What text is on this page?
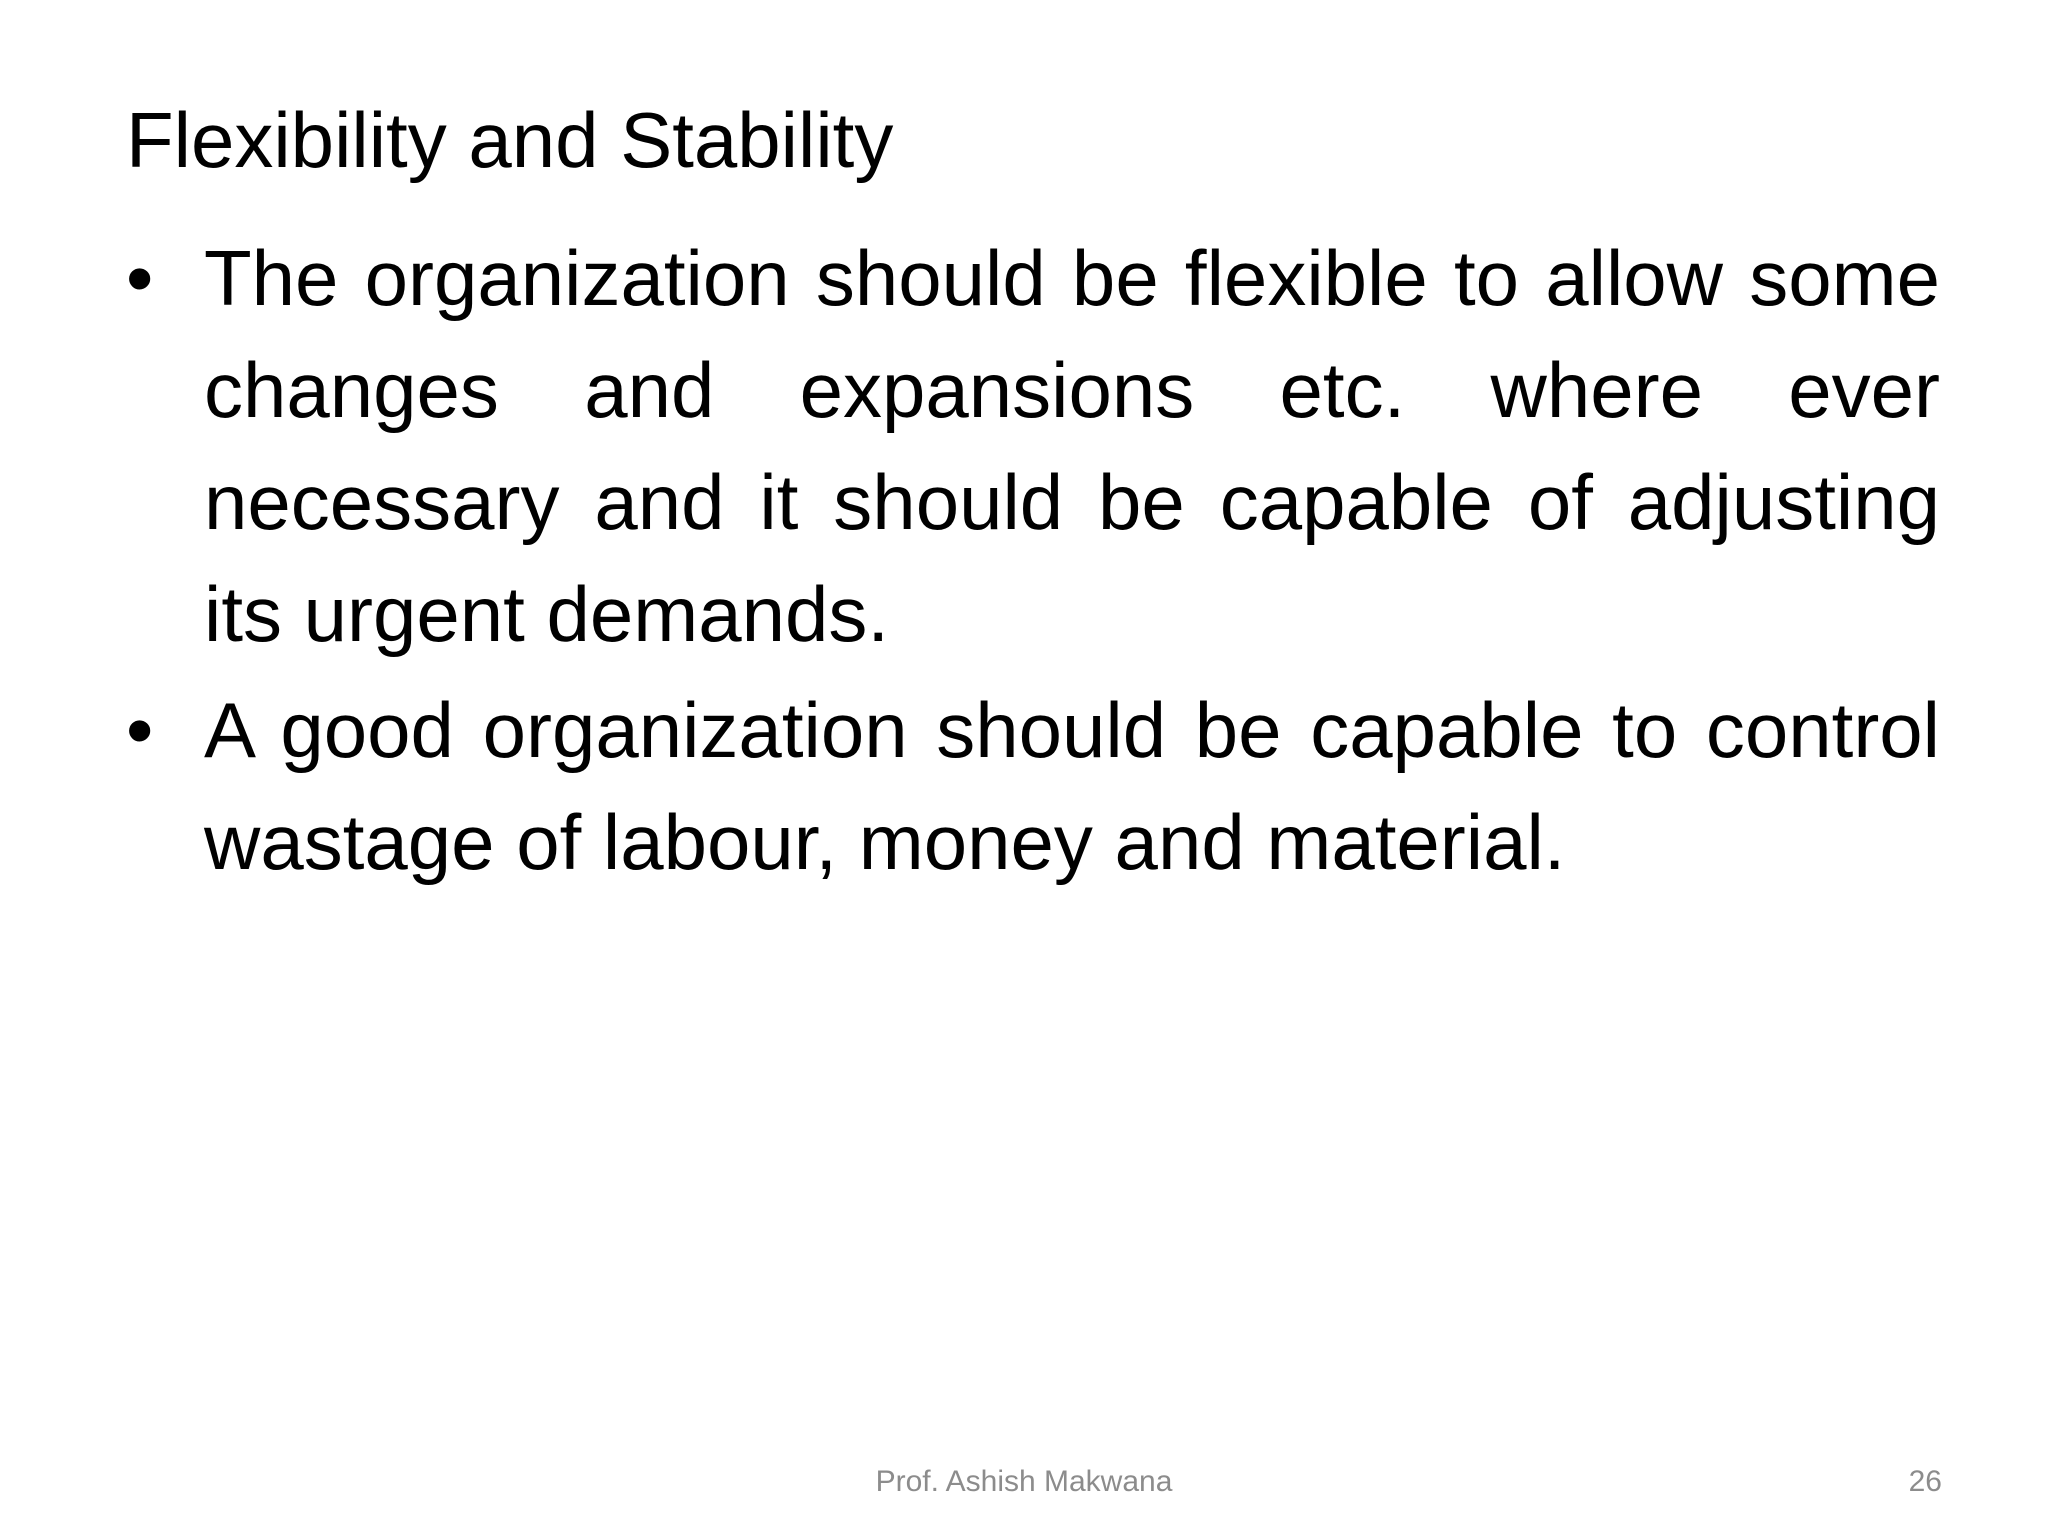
Flexibility and Stability
• The organization should be flexible to allow some changes and expansions etc. where ever necessary and it should be capable of adjusting its urgent demands.
• A good organization should be capable to control wastage of labour, money and material.
Prof. Ashish Makwana	26
